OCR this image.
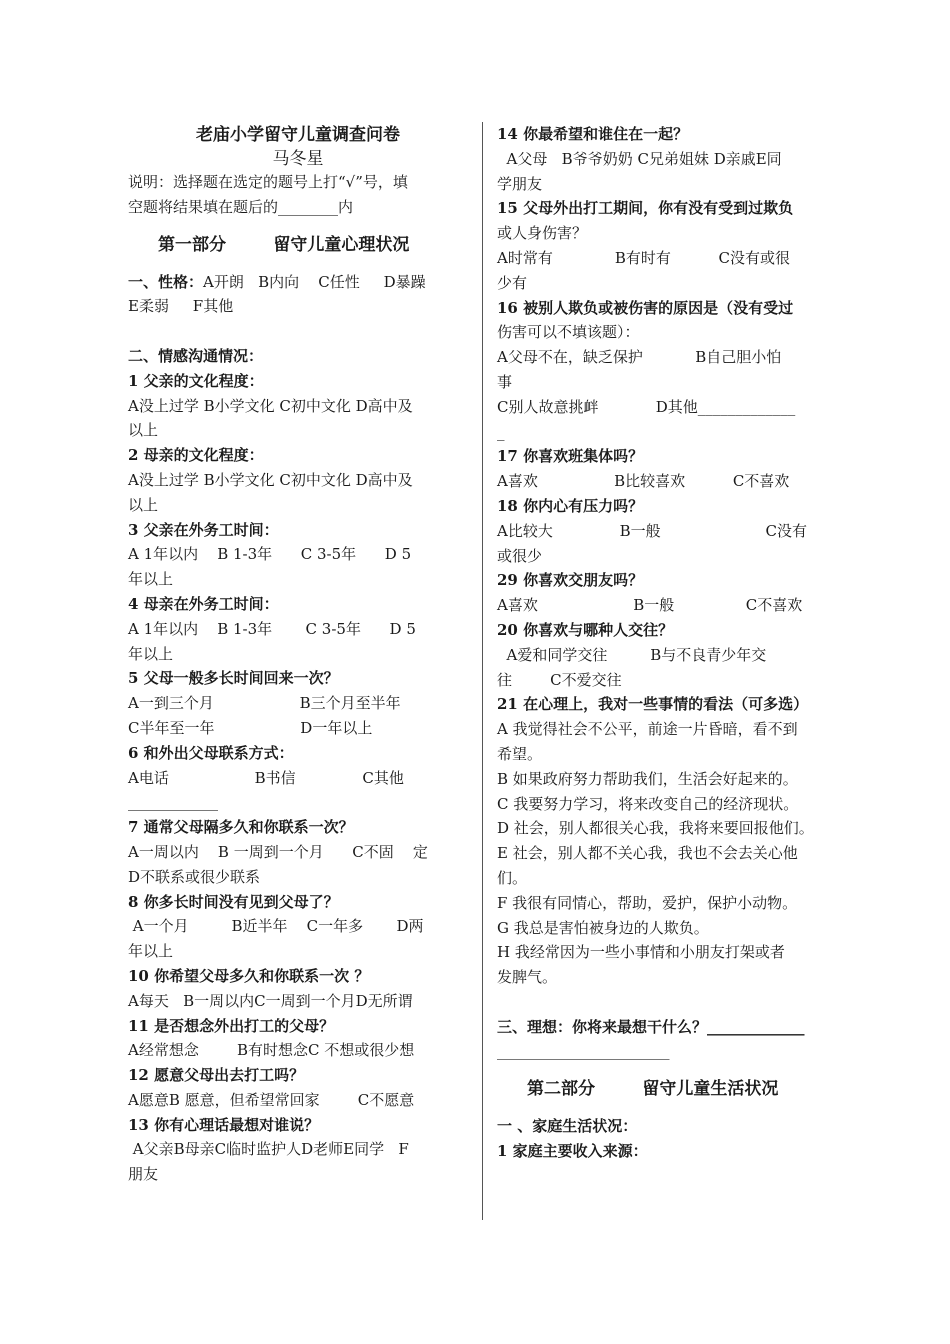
老庙小学留守儿童调查问卷
马冬星
说明：选择题在选定的题号上打“√”号，填
空题将结果填在题后的________内
第一部分        留守儿童心理状况
一、性格：A开朗   B内向    C任性     D暴躁
E柔弱     F其他
二、情感沟通情况：
1 父亲的文化程度：
A没上过学 B小学文化 C初中文化 D高中及
以上
2 母亲的文化程度：
A没上过学 B小学文化 C初中文化 D高中及
以上
3 父亲在外务工时间：
A 1年以内    B 1-3年      C 3-5年      D 5
年以上
4 母亲在外务工时间：
A 1年以内    B 1-3年       C 3-5年      D 5
年以上
5 父母一般多长时间回来一次？
A一到三个月                  B三个月至半年
C半年至一年                  D一年以上
6 和外出父母联系方式：
A电话                  B书信              C其他
____________
7 通常父母隔多久和你联系一次？
A一周以内    B 一周到一个月      C不固    定
D不联系或很少联系
8 你多长时间没有见到父母了？
A一个月         B近半年    C一年多       D两
年以上
10 你希望父母多久和你联系一次 ？
A每天   B一周以内C一周到一个月D无所谓
11 是否想念外出打工的父母？
A经常想念        B有时想念C 不想或很少想
12 愿意父母出去打工吗？
A愿意B 愿意，但希望常回家        C不愿意
13 你有心理话最想对谁说？
A父亲B母亲C临时监护人D老师E同学   F
朋友
14 你最希望和谁住在一起？
A父母   B爷爷奶奶 C兄弟姐妹 D亲戚E同
学朋友
15 父母外出打工期间，你有没有受到过欺负
或人身伤害？
A时常有             B有时有          C没有或很
少有
16 被别人欺负或被伤害的原因是（没有受过
伤害可以不填该题）：
A父母不在，缺乏保护           B自己胆小怕
事
C别人故意挑衅            D其他_____________
_
17 你喜欢班集体吗？
A喜欢                B比较喜欢          C不喜欢
18 你内心有压力吗？
A比较大              B一般                      C没有
或很少
29 你喜欢交朋友吗？
A喜欢                    B一般               C不喜欢
20 你喜欢与哪种人交往？
A爱和同学交往         B与不良青少年交
往        C不爱交往
21 在心理上，我对一些事情的看法（可多选）
A 我觉得社会不公平，前途一片昏暗，看不到
希望。
B 如果政府努力帮助我们，生活会好起来的。
C 我要努力学习，将来改变自己的经济现状。
D 社会，别人都很关心我，我将来要回报他们。
E 社会，别人都不关心我，我也不会去关心他
们。
F 我很有同情心，帮助，爱护，保护小动物。
G 我总是害怕被身边的人欺负。
H 我经常因为一些小事情和小朋友打架或者
发脾气。
三、理想：你将来最想干什么？_____________
_______________________
第二部分        留守儿童生活状况
一 、家庭生活状况：
1 家庭主要收入来源：
